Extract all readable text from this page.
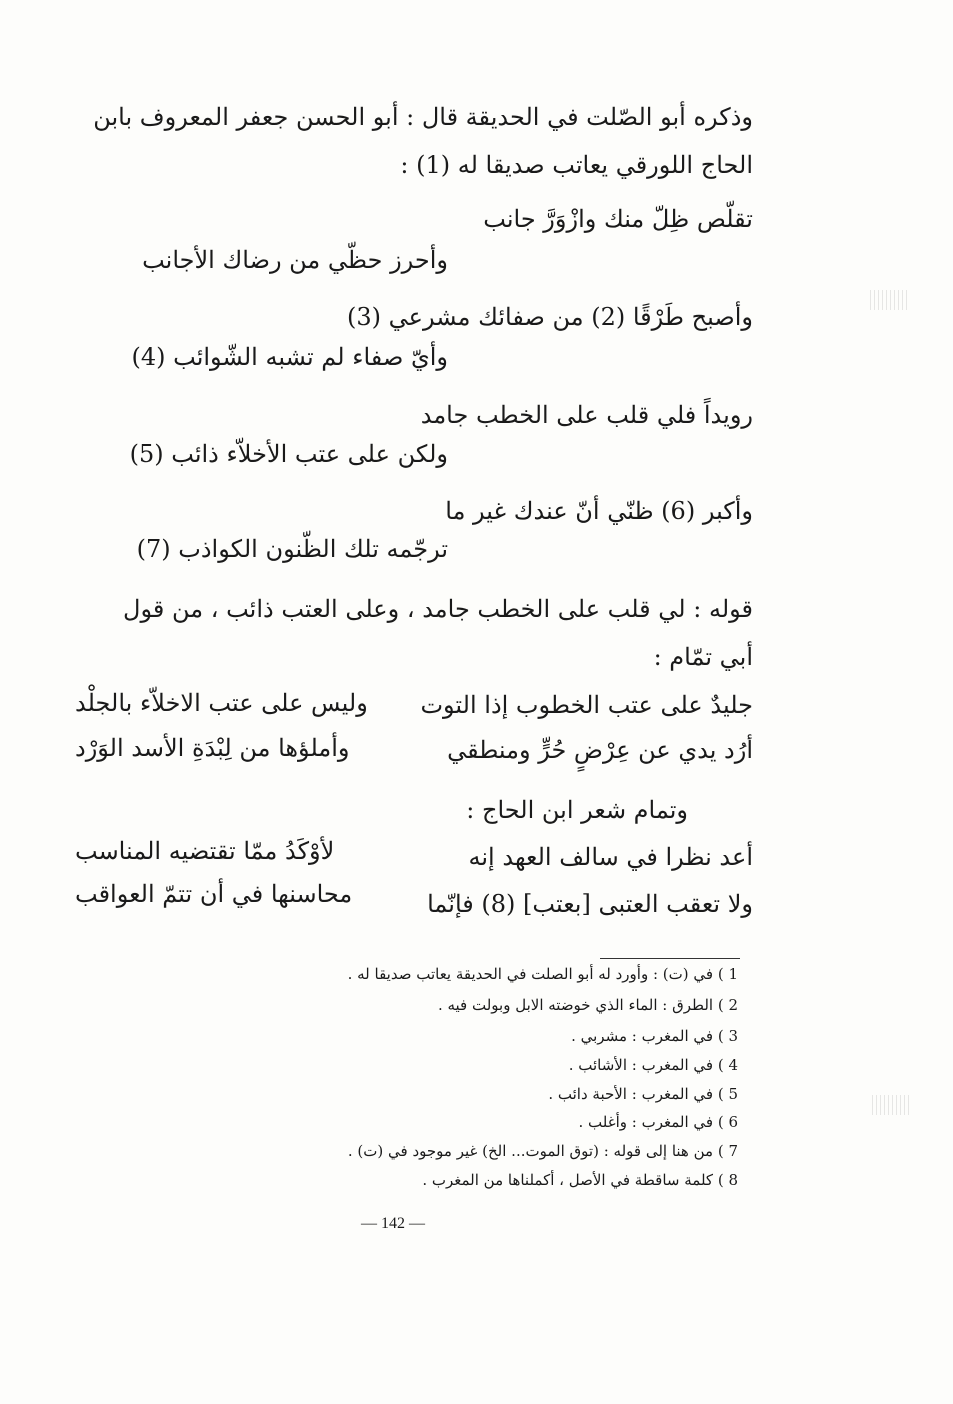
وذكره أبو الصّلت في الحديقة قال : أبو الحسن جعفر المعروف بابن
الحاج اللورقي يعاتب صديقا له (1) :
تقلّص ظِلّ منك وازْوَرَّ جانب
وأحرز حظّي من رضاك الأجانب
وأصبح طَرْقًا (2) من صفائك مشرعي (3)
وأيّ صفاء لم تشبه الشّوائب (4)
رويداً فلي قلب على الخطب جامد
ولكن على عتب الأخلاّء ذائب (5)
وأكبر (6) ظنّي أنّ عندك غير ما
ترجّمه تلك الظّنون الكواذب (7)
قوله : لي قلب على الخطب جامد ، وعلى العتب ذائب ، من قول
أبي تمّام :
جليدٌ على عتب الخطوب إذا التوت
وليس على عتب الاخلاّء بالجلْد
أرُد يدي عن عِرْضٍ حُرٍّ ومنطقي
وأملؤها من لِبْدَةِ الأسد الوَرْد
وتمام شعر ابن الحاج :
أعد نظرا في سالف العهد إنه
لأوْكَدُ ممّا تقتضيه المناسب
ولا تعقب العتبى [بعتب] (8) فإنّما
محاسنها في أن تتمّ العواقب
1 ) في (ت) : وأورد له أبو الصلت في الحديقة يعاتب صديقا له .
2 ) الطرق : الماء الذي خوضته الابل وبولت فيه .
3 ) في المغرب : مشربي .
4 ) في المغرب : الأشائب .
5 ) في المغرب : الأحبة دائب .
6 ) في المغرب : وأغلب .
7 ) من هنا إلى قوله : (توق الموت... الخ) غير موجود في (ت) .
8 ) كلمة ساقطة في الأصل ، أكملناها من المغرب .
— 142 —
